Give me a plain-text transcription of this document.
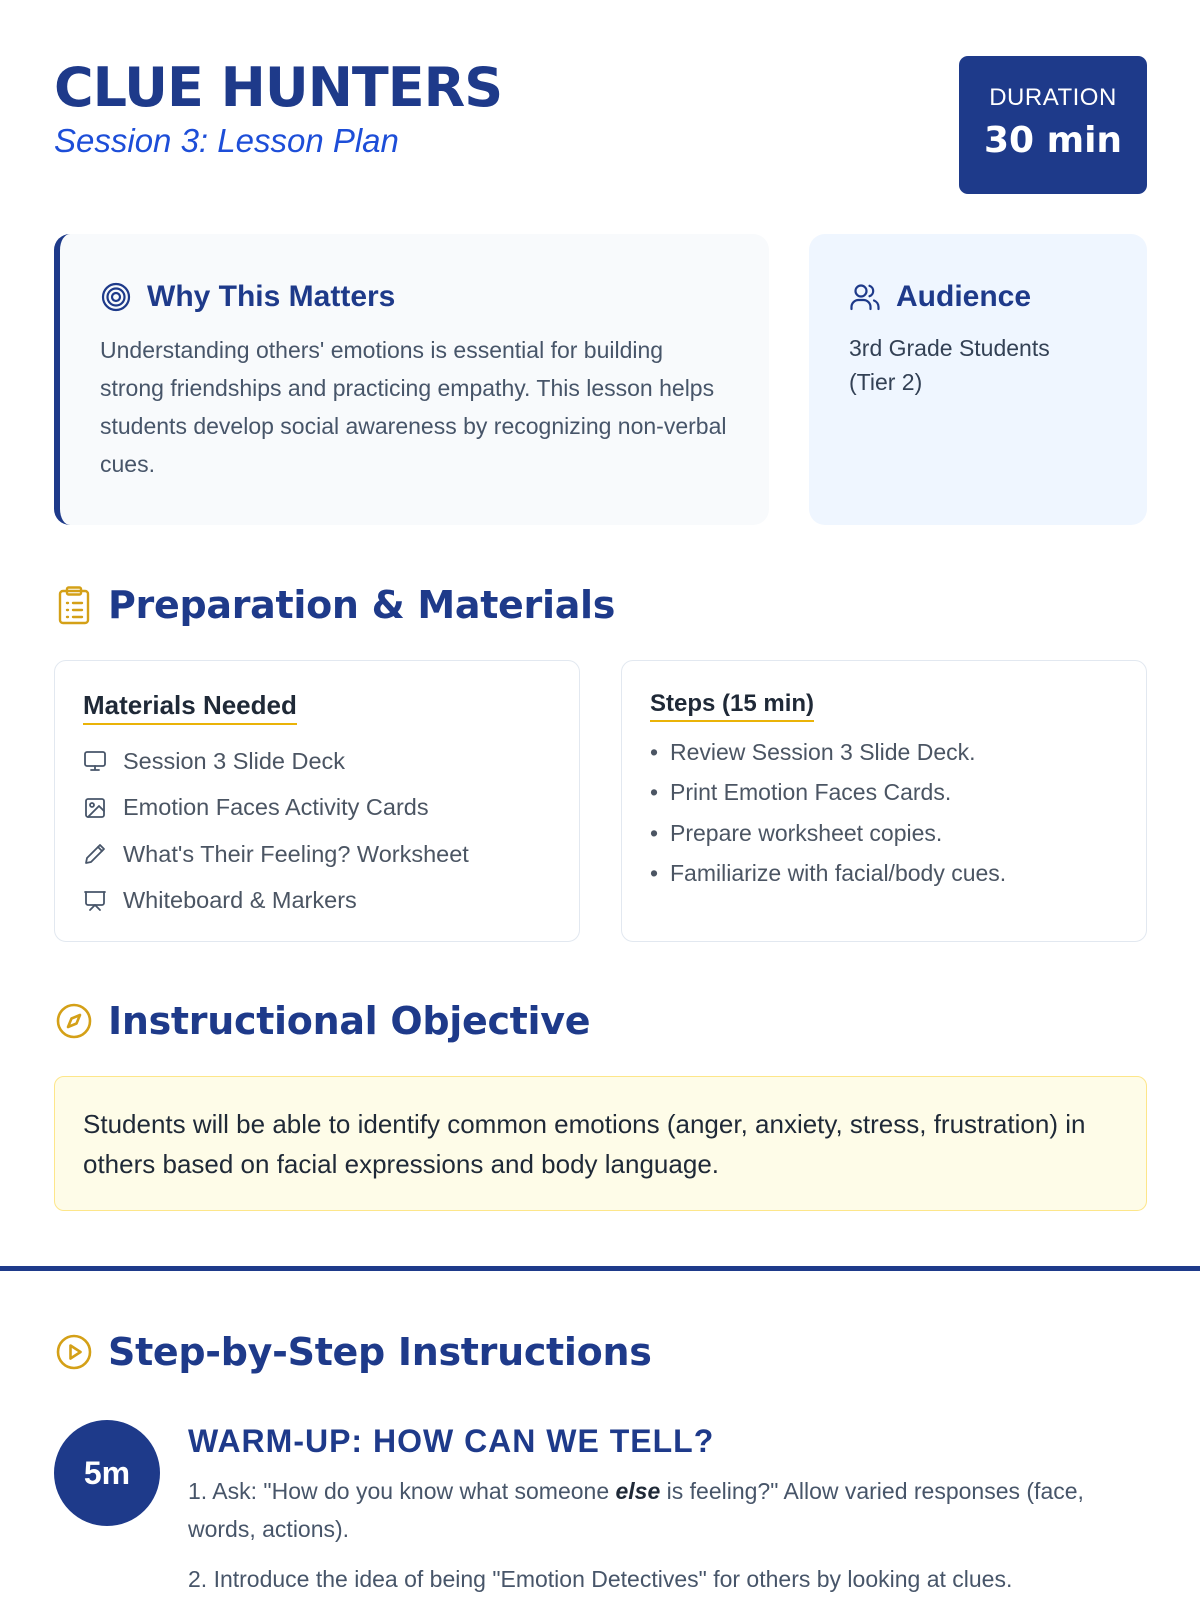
CLUE HUNTERS
Session 3: Lesson Plan
DURATION
30 min
Why This Matters

Understanding others' emotions is essential for building strong friendships and practicing empathy. This lesson helps students develop social awareness by recognizing non-verbal cues.

Audience
3rd Grade Students
(Tier 2)
Preparation & Materials
Materials Needed
Session 3 Slide Deck
Emotion Faces Activity Cards
What's Their Feeling? Worksheet
Whiteboard & Markers
Steps (15 min)
• Review Session 3 Slide Deck.
• Print Emotion Faces Cards.
• Prepare worksheet copies.
• Familiarize with facial/body cues.
Instructional Objective

Students will be able to identify common emotions (anger, anxiety, stress, frustration) in others based on facial expressions and body language.

Step-by-Step Instructions
5m
WARM-UP: HOW CAN WE TELL?

1. Ask: "How do you know what someone else is feeling?" Allow varied responses (face, words, actions).

2. Introduce the idea of being "Emotion Detectives" for others by looking at clues.
